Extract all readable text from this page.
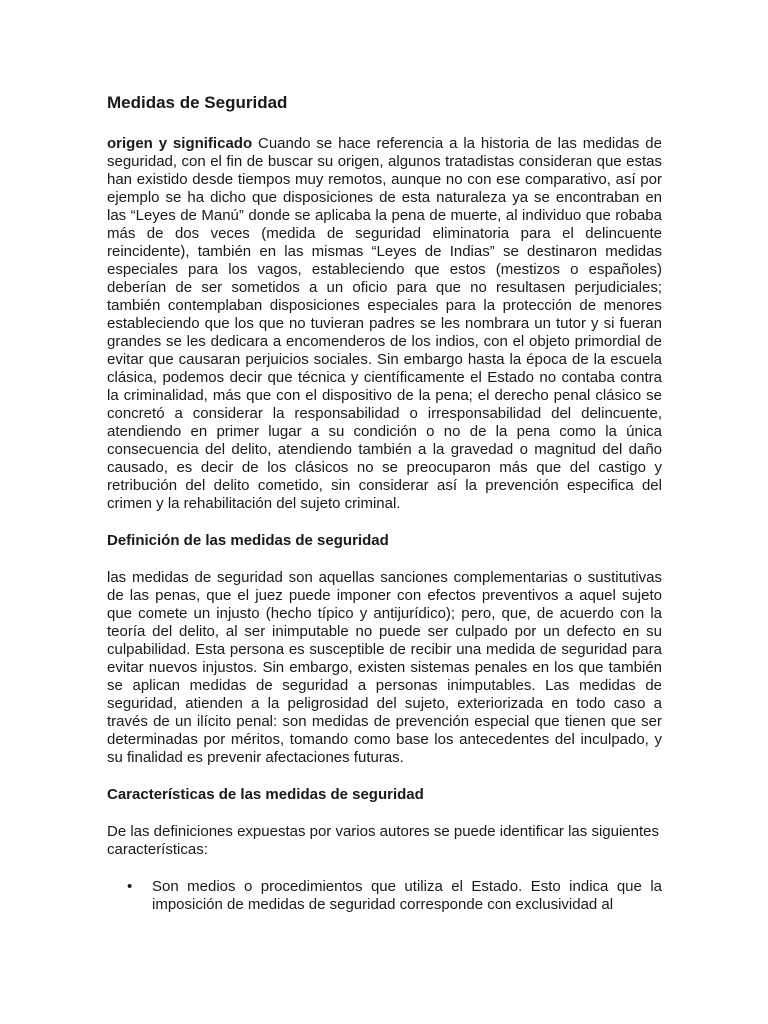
Medidas de Seguridad

origen y significado Cuando se hace referencia a la historia de las medidas de seguridad, con el fin de buscar su origen, algunos tratadistas consideran que estas han existido desde tiempos muy remotos, aunque no con ese comparativo, así por ejemplo se ha dicho que disposiciones de esta naturaleza ya se encontraban en las “Leyes de Manú” donde se aplicaba la pena de muerte, al individuo que robaba más de dos veces (medida de seguridad eliminatoria para el delincuente reincidente), también en las mismas “Leyes de Indias” se destinaron medidas especiales para los vagos, estableciendo que estos (mestizos o españoles) deberían de ser sometidos a un oficio para que no resultasen perjudiciales; también contemplaban disposiciones especiales para la protección de menores estableciendo que los que no tuvieran padres se les nombrara un tutor y si fueran grandes se les dedicara a encomenderos de los indios, con el objeto primordial de evitar que causaran perjuicios sociales. Sin embargo hasta la época de la escuela clásica, podemos decir que técnica y científicamente el Estado no contaba contra la criminalidad, más que con el dispositivo de la pena; el derecho penal clásico se concretó a considerar la responsabilidad o irresponsabilidad del delincuente, atendiendo en primer lugar a su condición o no de la pena como la única consecuencia del delito, atendiendo también a la gravedad o magnitud del daño causado, es decir de los clásicos no se preocuparon más que del castigo y retribución del delito cometido, sin considerar así la prevención especifica del crimen y la rehabilitación del sujeto criminal.

Definición de las medidas de seguridad

las medidas de seguridad son aquellas sanciones complementarias o sustitutivas de las penas, que el juez puede imponer con efectos preventivos a aquel sujeto que comete un injusto (hecho típico y antijurídico); pero, que, de acuerdo con la teoría del delito, al ser inimputable no puede ser culpado por un defecto en su culpabilidad. Esta persona es susceptible de recibir una medida de seguridad para evitar nuevos injustos. Sin embargo, existen sistemas penales en los que también se aplican medidas de seguridad a personas inimputables. Las medidas de seguridad, atienden a la peligrosidad del sujeto, exteriorizada en todo caso a través de un ilícito penal: son medidas de prevención especial que tienen que ser determinadas por méritos, tomando como base los antecedentes del inculpado, y su finalidad es prevenir afectaciones futuras.

Características de las medidas de seguridad

De las definiciones expuestas por varios autores se puede identificar las siguientes características:

• Son medios o procedimientos que utiliza el Estado. Esto indica que la imposición de medidas de seguridad corresponde con exclusividad al
